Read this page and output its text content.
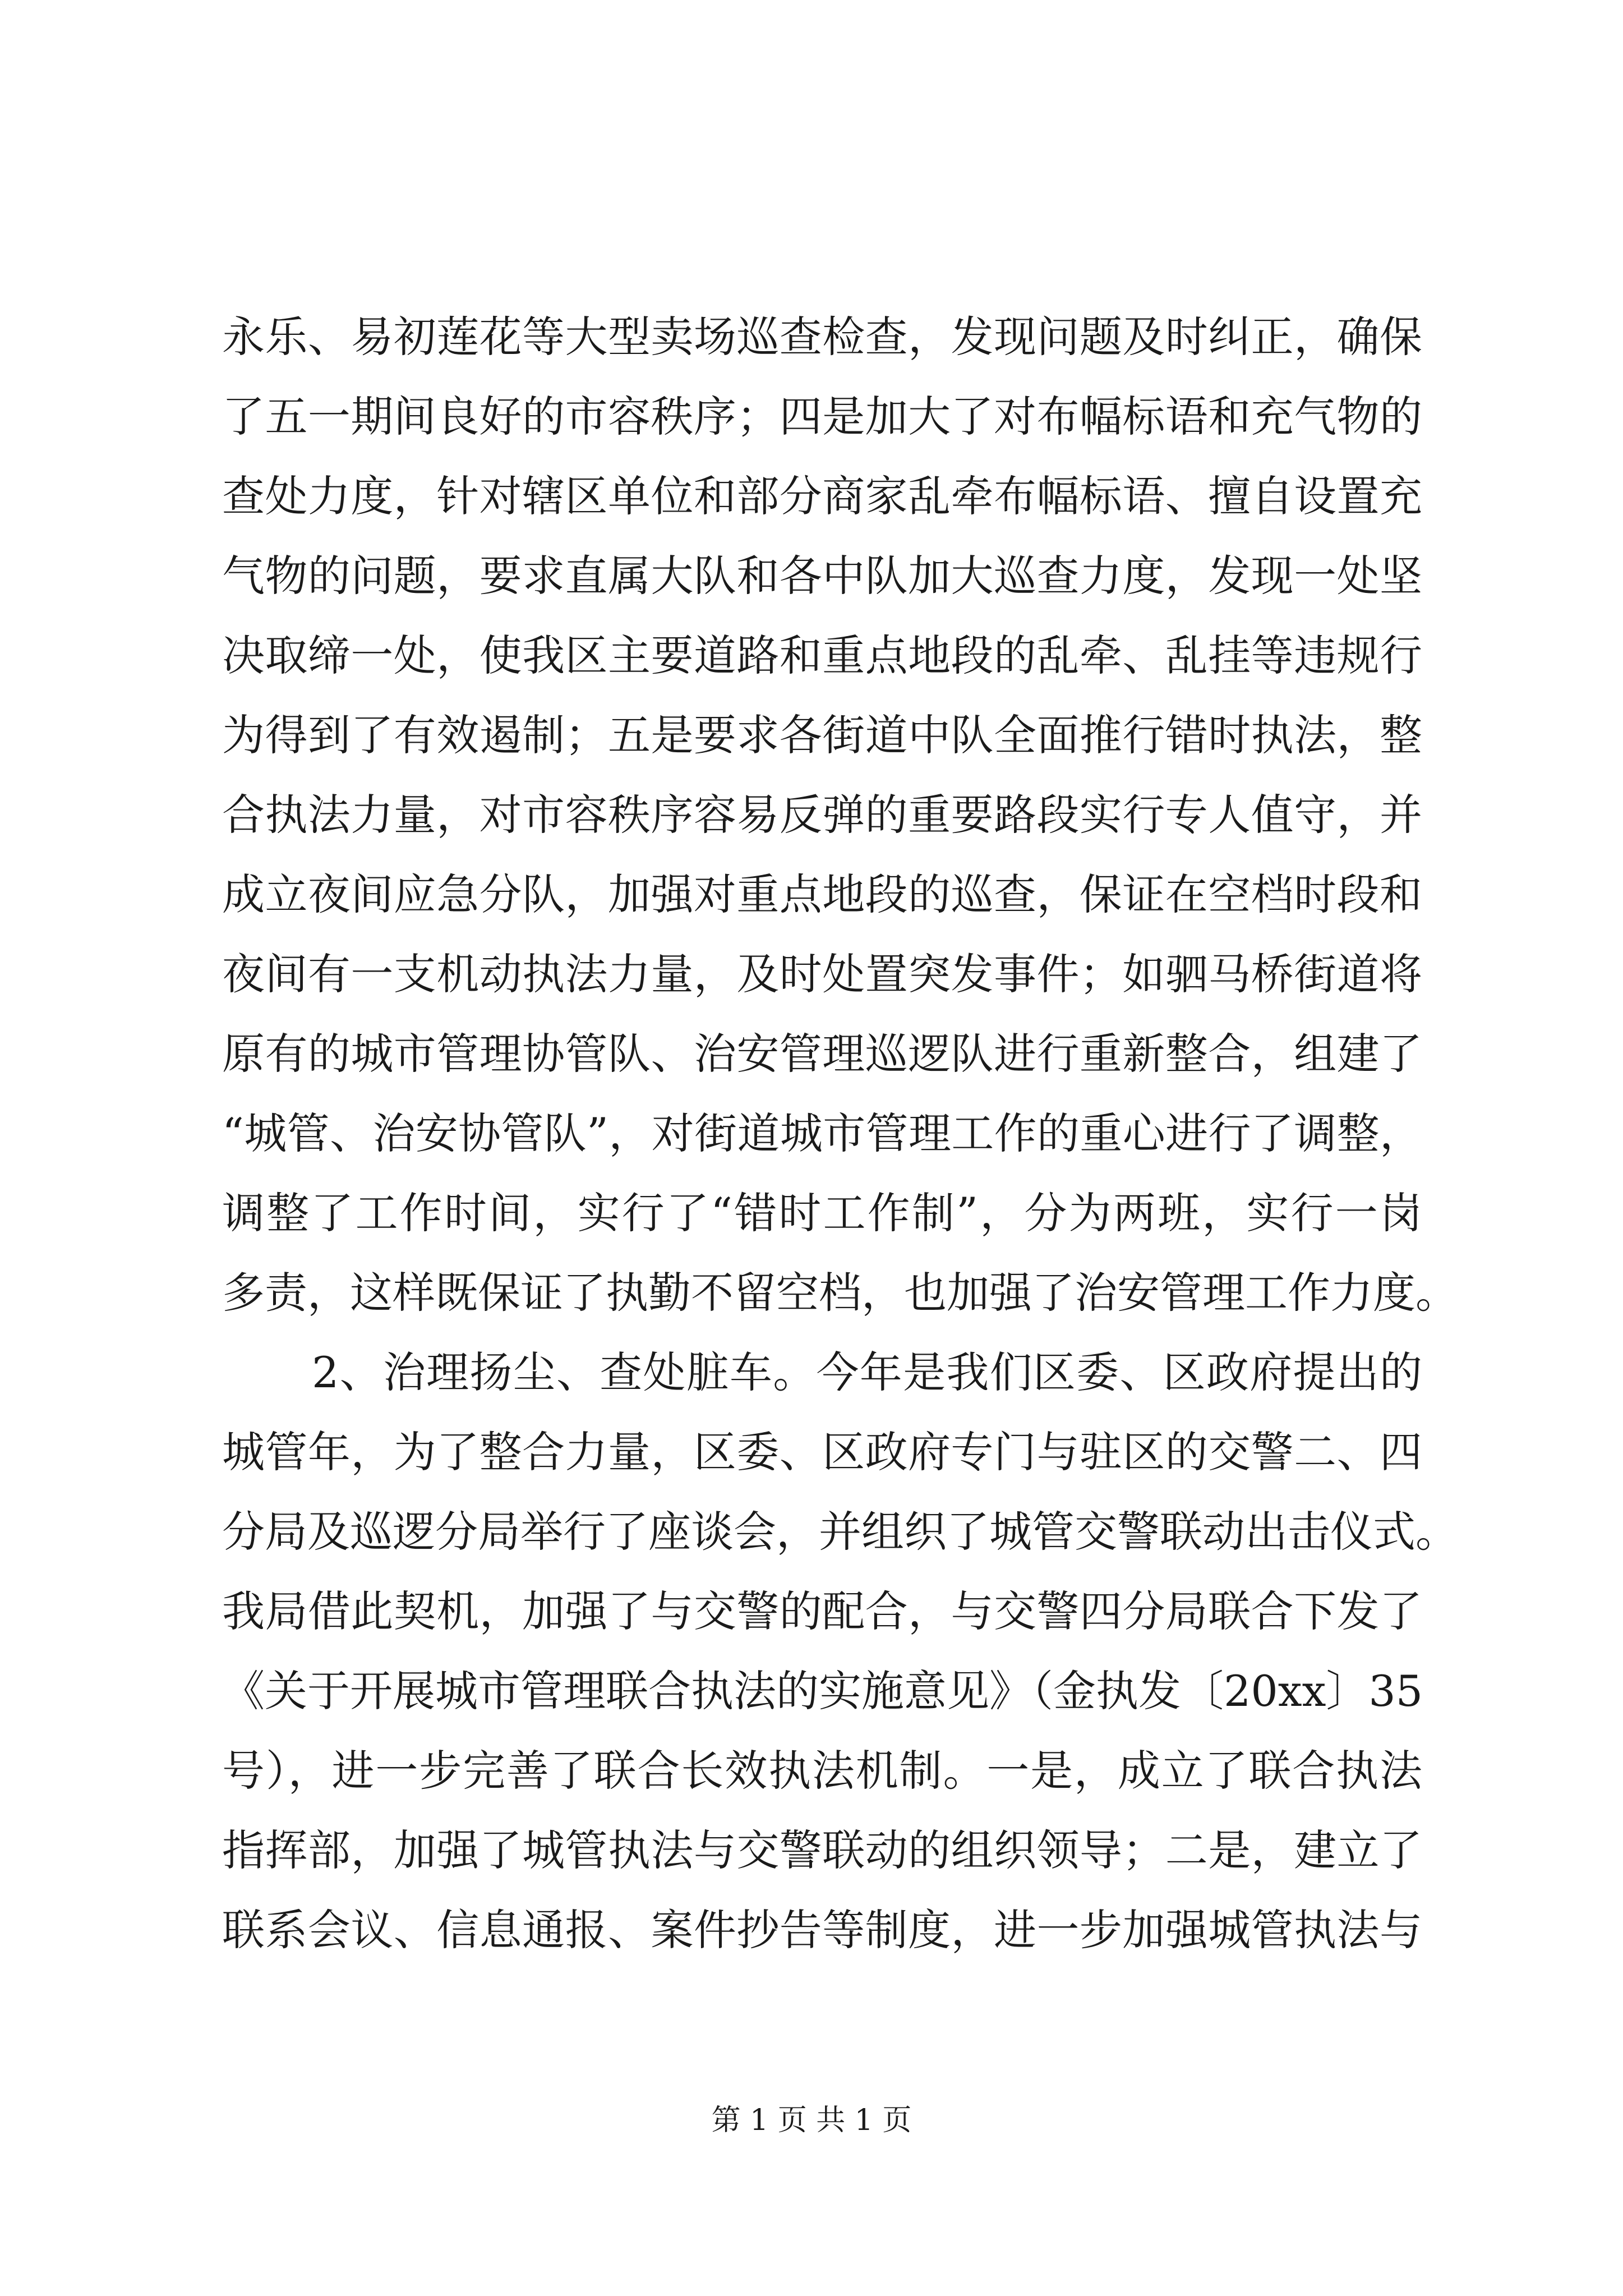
永乐、易初莲花等大型卖场巡查检查，发现问题及时纠正，确保
了五一期间良好的市容秩序；四是加大了对布幅标语和充气物的
查处力度，针对辖区单位和部分商家乱牵布幅标语、擅自设置充
气物的问题，要求直属大队和各中队加大巡查力度，发现一处坚
决取缔一处，使我区主要道路和重点地段的乱牵、乱挂等违规行
为得到了有效遏制；五是要求各街道中队全面推行错时执法，整
合执法力量，对市容秩序容易反弹的重要路段实行专人值守，并
成立夜间应急分队，加强对重点地段的巡查，保证在空档时段和
夜间有一支机动执法力量，及时处置突发事件；如驷马桥街道将
原有的城市管理协管队、治安管理巡逻队进行重新整合，组建了
“城管、治安协管队”，对街道城市管理工作的重心进行了调整，
调整了工作时间，实行了“错时工作制”，分为两班，实行一岗
多责，这样既保证了执勤不留空档，也加强了治安管理工作力度。
2、治理扬尘、查处脏车。今年是我们区委、区政府提出的
城管年，为了整合力量，区委、区政府专门与驻区的交警二、四
分局及巡逻分局举行了座谈会，并组织了城管交警联动出击仪式。
我局借此契机，加强了与交警的配合，与交警四分局联合下发了
《关于开展城市管理联合执法的实施意见》（金执发〔20xx〕35
号），进一步完善了联合长效执法机制。一是，成立了联合执法
指挥部，加强了城管执法与交警联动的组织领导；二是，建立了
联系会议、信息通报、案件抄告等制度，进一步加强城管执法与
第 1 页 共 1 页
